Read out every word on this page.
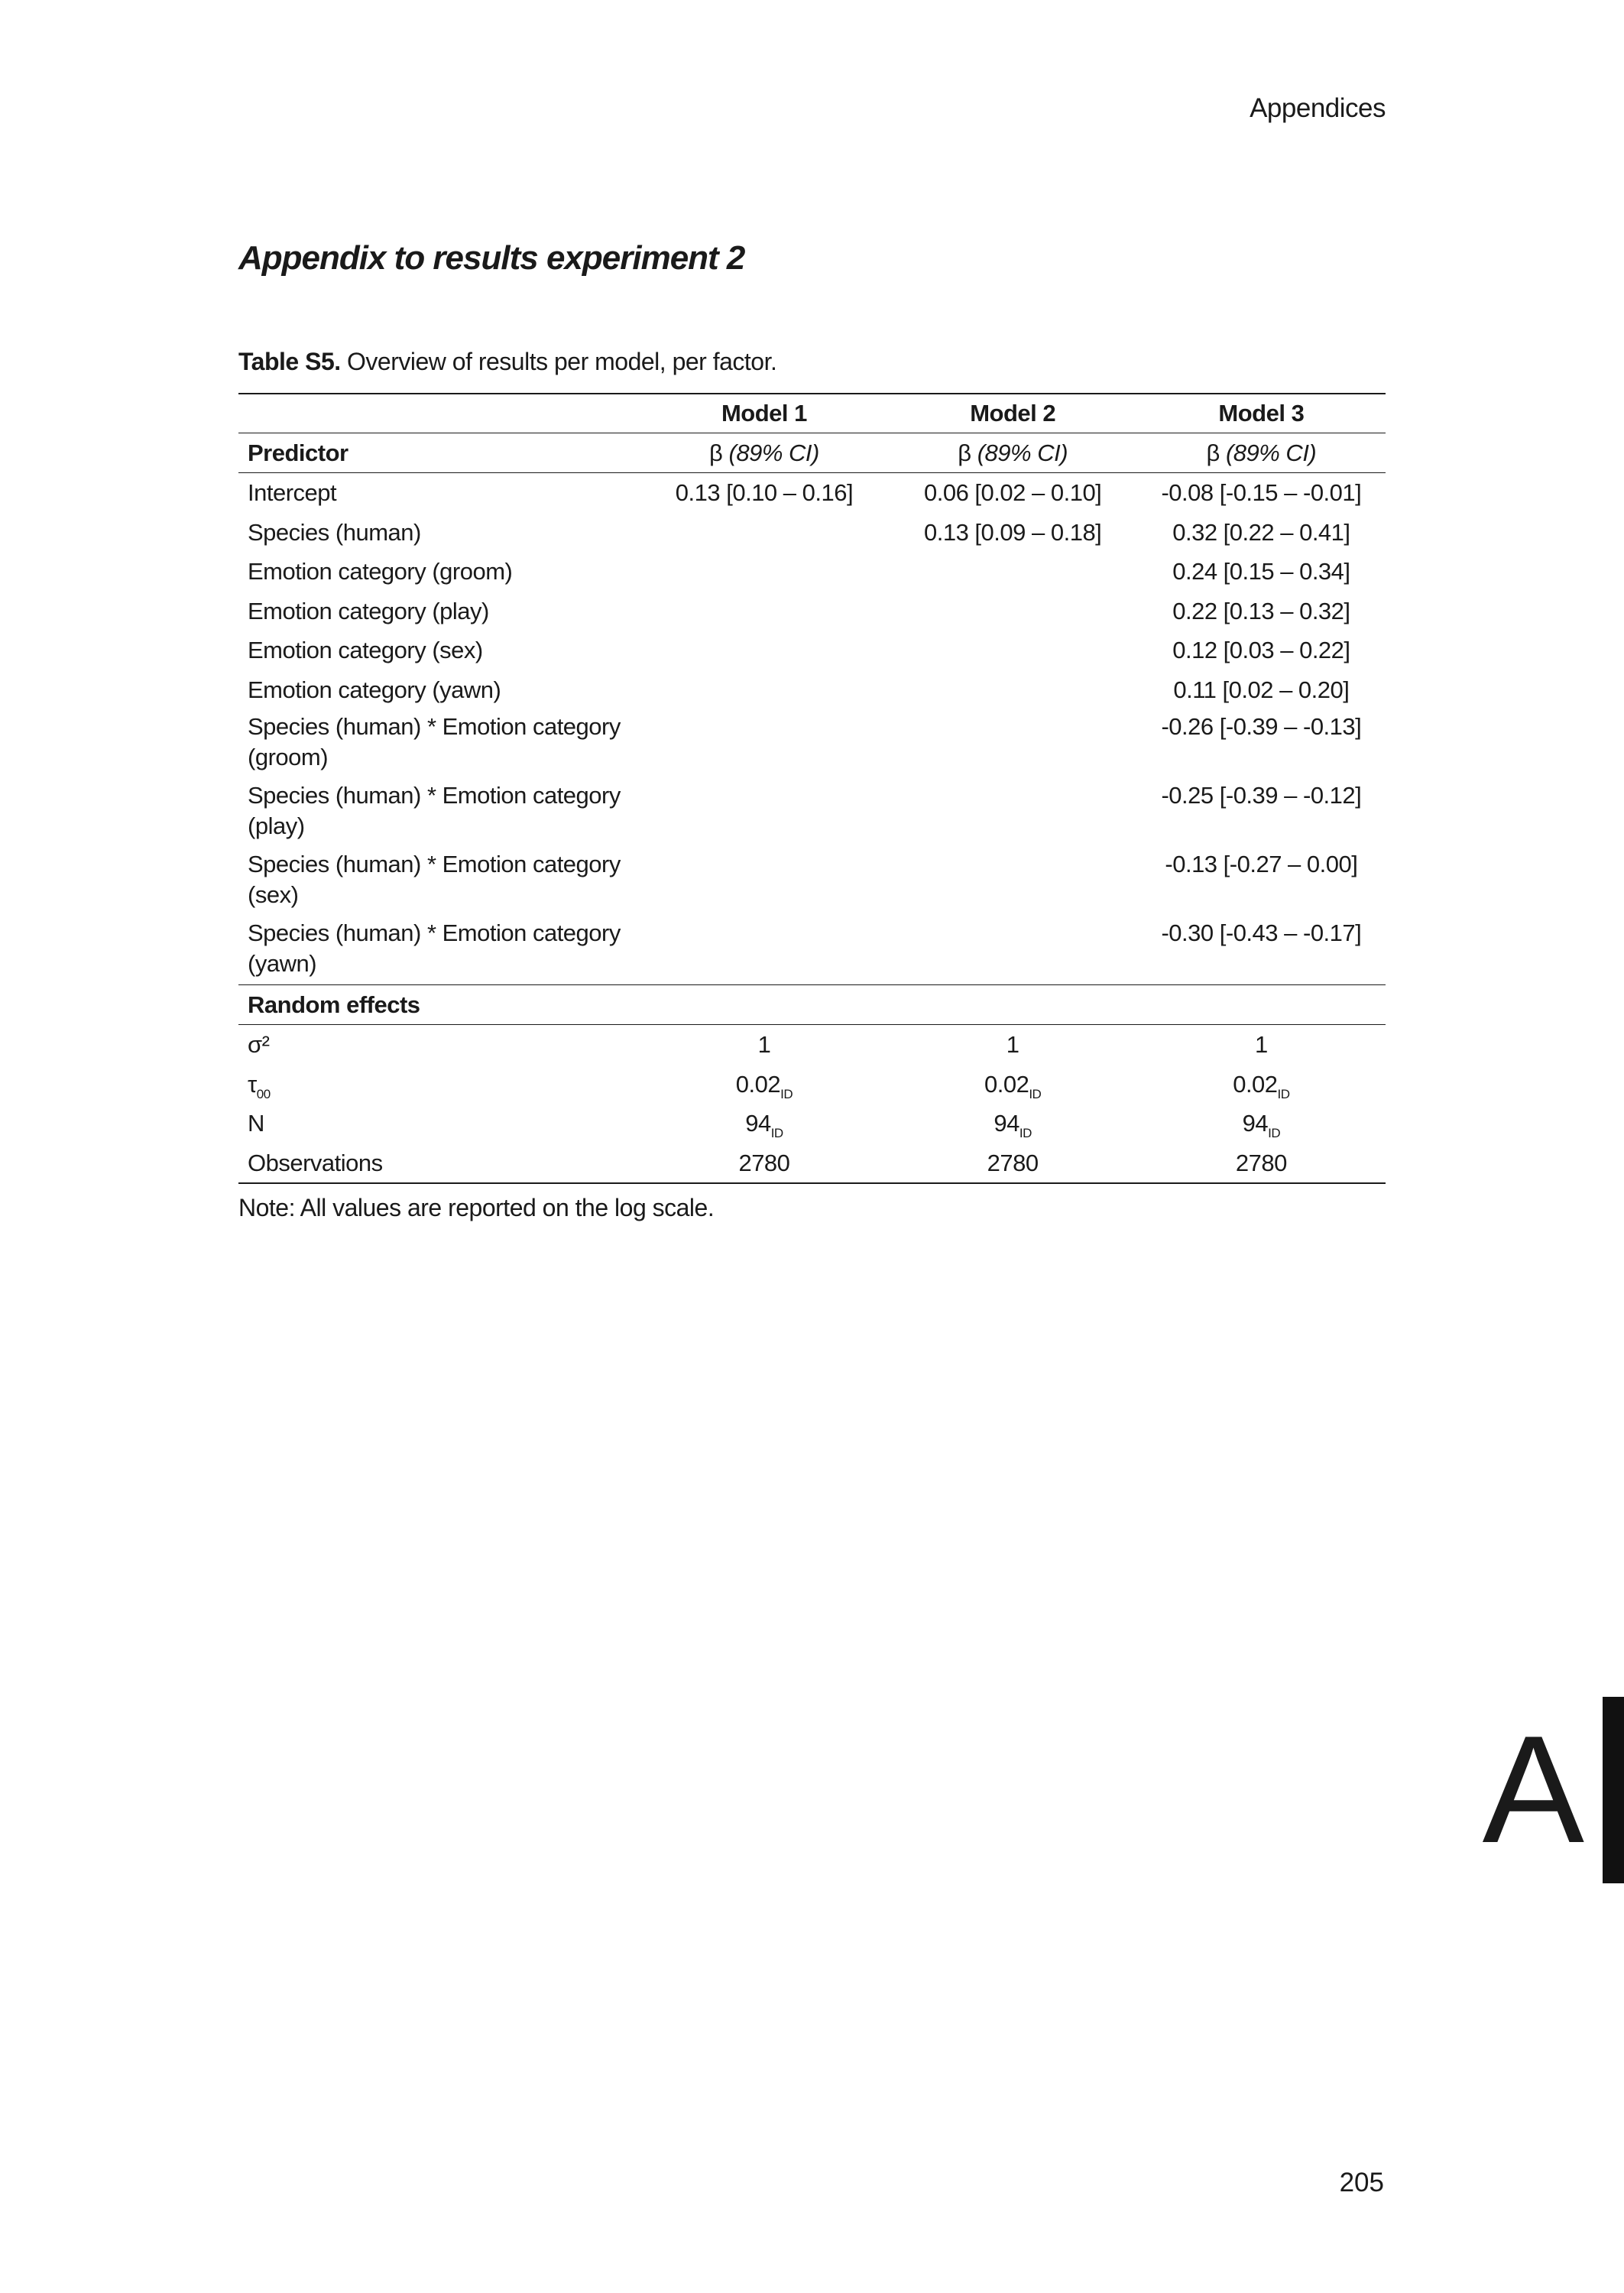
Appendices
Appendix to results experiment 2
Table S5. Overview of results per model, per factor.
	Model 1	Model 2	Model 3
Predictor	β (89% CI)	β (89% CI)	β (89% CI)
Intercept	0.13 [0.10 – 0.16]	0.06 [0.02 – 0.10]	-0.08 [-0.15 – -0.01]
Species (human)		0.13 [0.09 – 0.18]	0.32 [0.22 – 0.41]
Emotion category (groom)			0.24 [0.15 – 0.34]
Emotion category (play)			0.22 [0.13 – 0.32]
Emotion category (sex)			0.12 [0.03 – 0.22]
Emotion category (yawn)			0.11 [0.02 – 0.20]
Species (human) * Emotion category
(groom)			-0.26 [-0.39 – -0.13]
Species (human) * Emotion category
(play)			-0.25 [-0.39 – -0.12]
Species (human) * Emotion category
(sex)			-0.13 [-0.27 – 0.00]
Species (human) * Emotion category
(yawn)			-0.30 [-0.43 – -0.17]
Random effects			
σ²	1	1	1
$\tau_{00}$	$0.02_{ID}$	$0.02_{ID}$	$0.02_{ID}$
N	$94_{ID}$	$94_{ID}$	$94_{ID}$
Observations	2780	2780	2780
Note: All values are reported on the log scale.
A
205
